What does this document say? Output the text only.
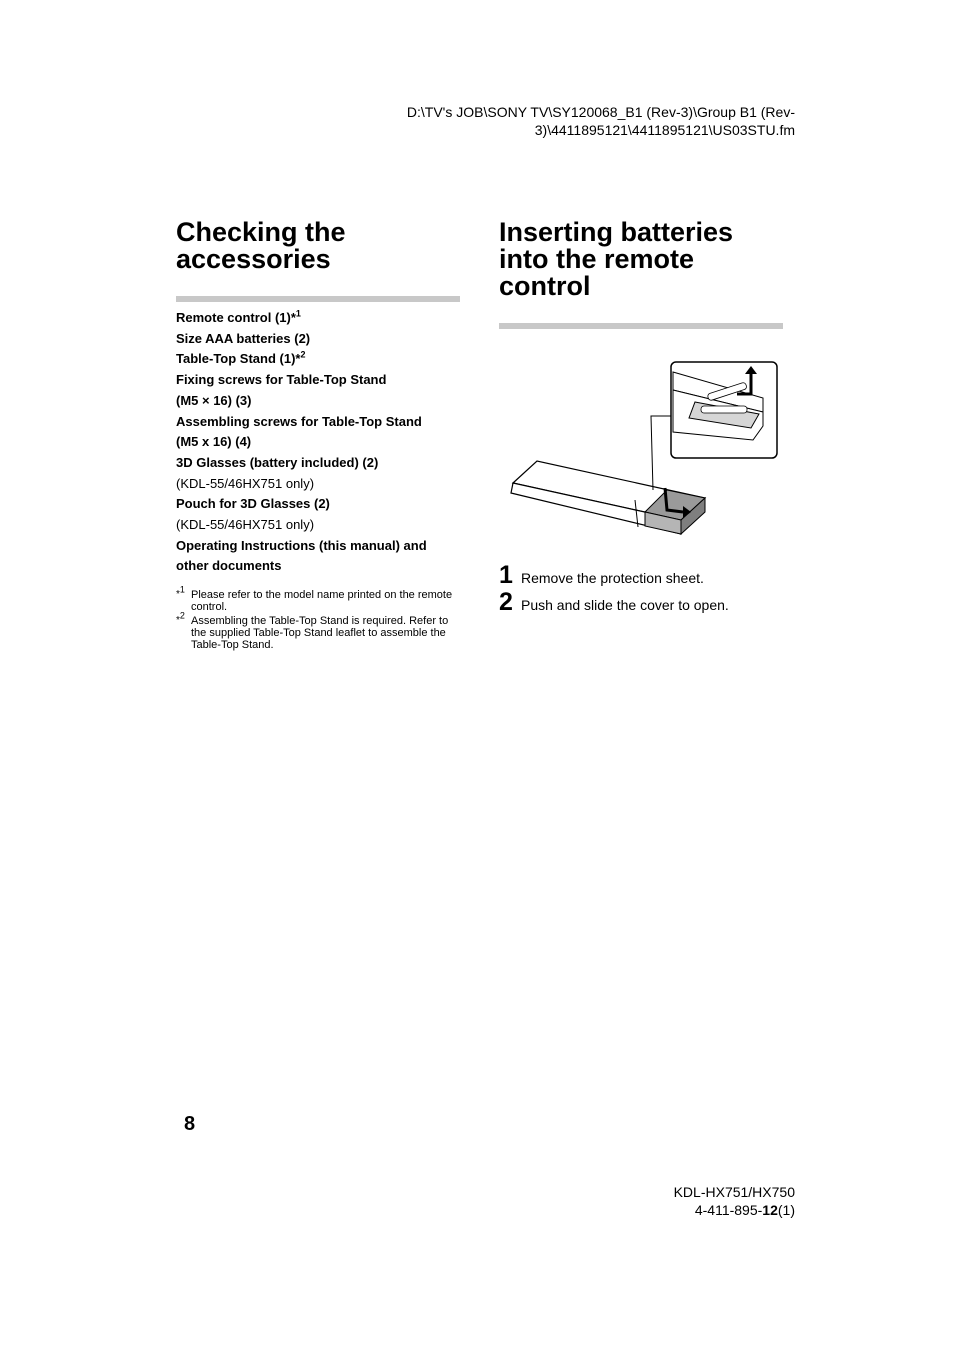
D:\TV's JOB\SONY TV\SY120068_B1 (Rev-3)\Group B1 (Rev-
3)\4411895121\4411895121\US03STU.fm
Checking the
accessories
Remote control (1)*$^1$
Size AAA batteries (2)
Table-Top Stand (1)*$^2$
Fixing screws for Table-Top Stand
(M5 × 16) (3)
Assembling screws for Table-Top Stand
(M5 x 16) (4)
3D Glasses (battery included) (2)
(KDL-55/46HX751 only)
Pouch for 3D Glasses (2)
(KDL-55/46HX751 only)
Operating Instructions (this manual) and
other documents
*$^1$ Please refer to the model name printed on the remote control.
*$^2$ Assembling the Table-Top Stand is required. Refer to the supplied Table-Top Stand leaflet to assemble the Table-Top Stand.
Inserting batteries
into the remote
control
1 Remove the protection sheet.
2 Push and slide the cover to open.
8
KDL-HX751/HX750
4-411-895-12(1)
